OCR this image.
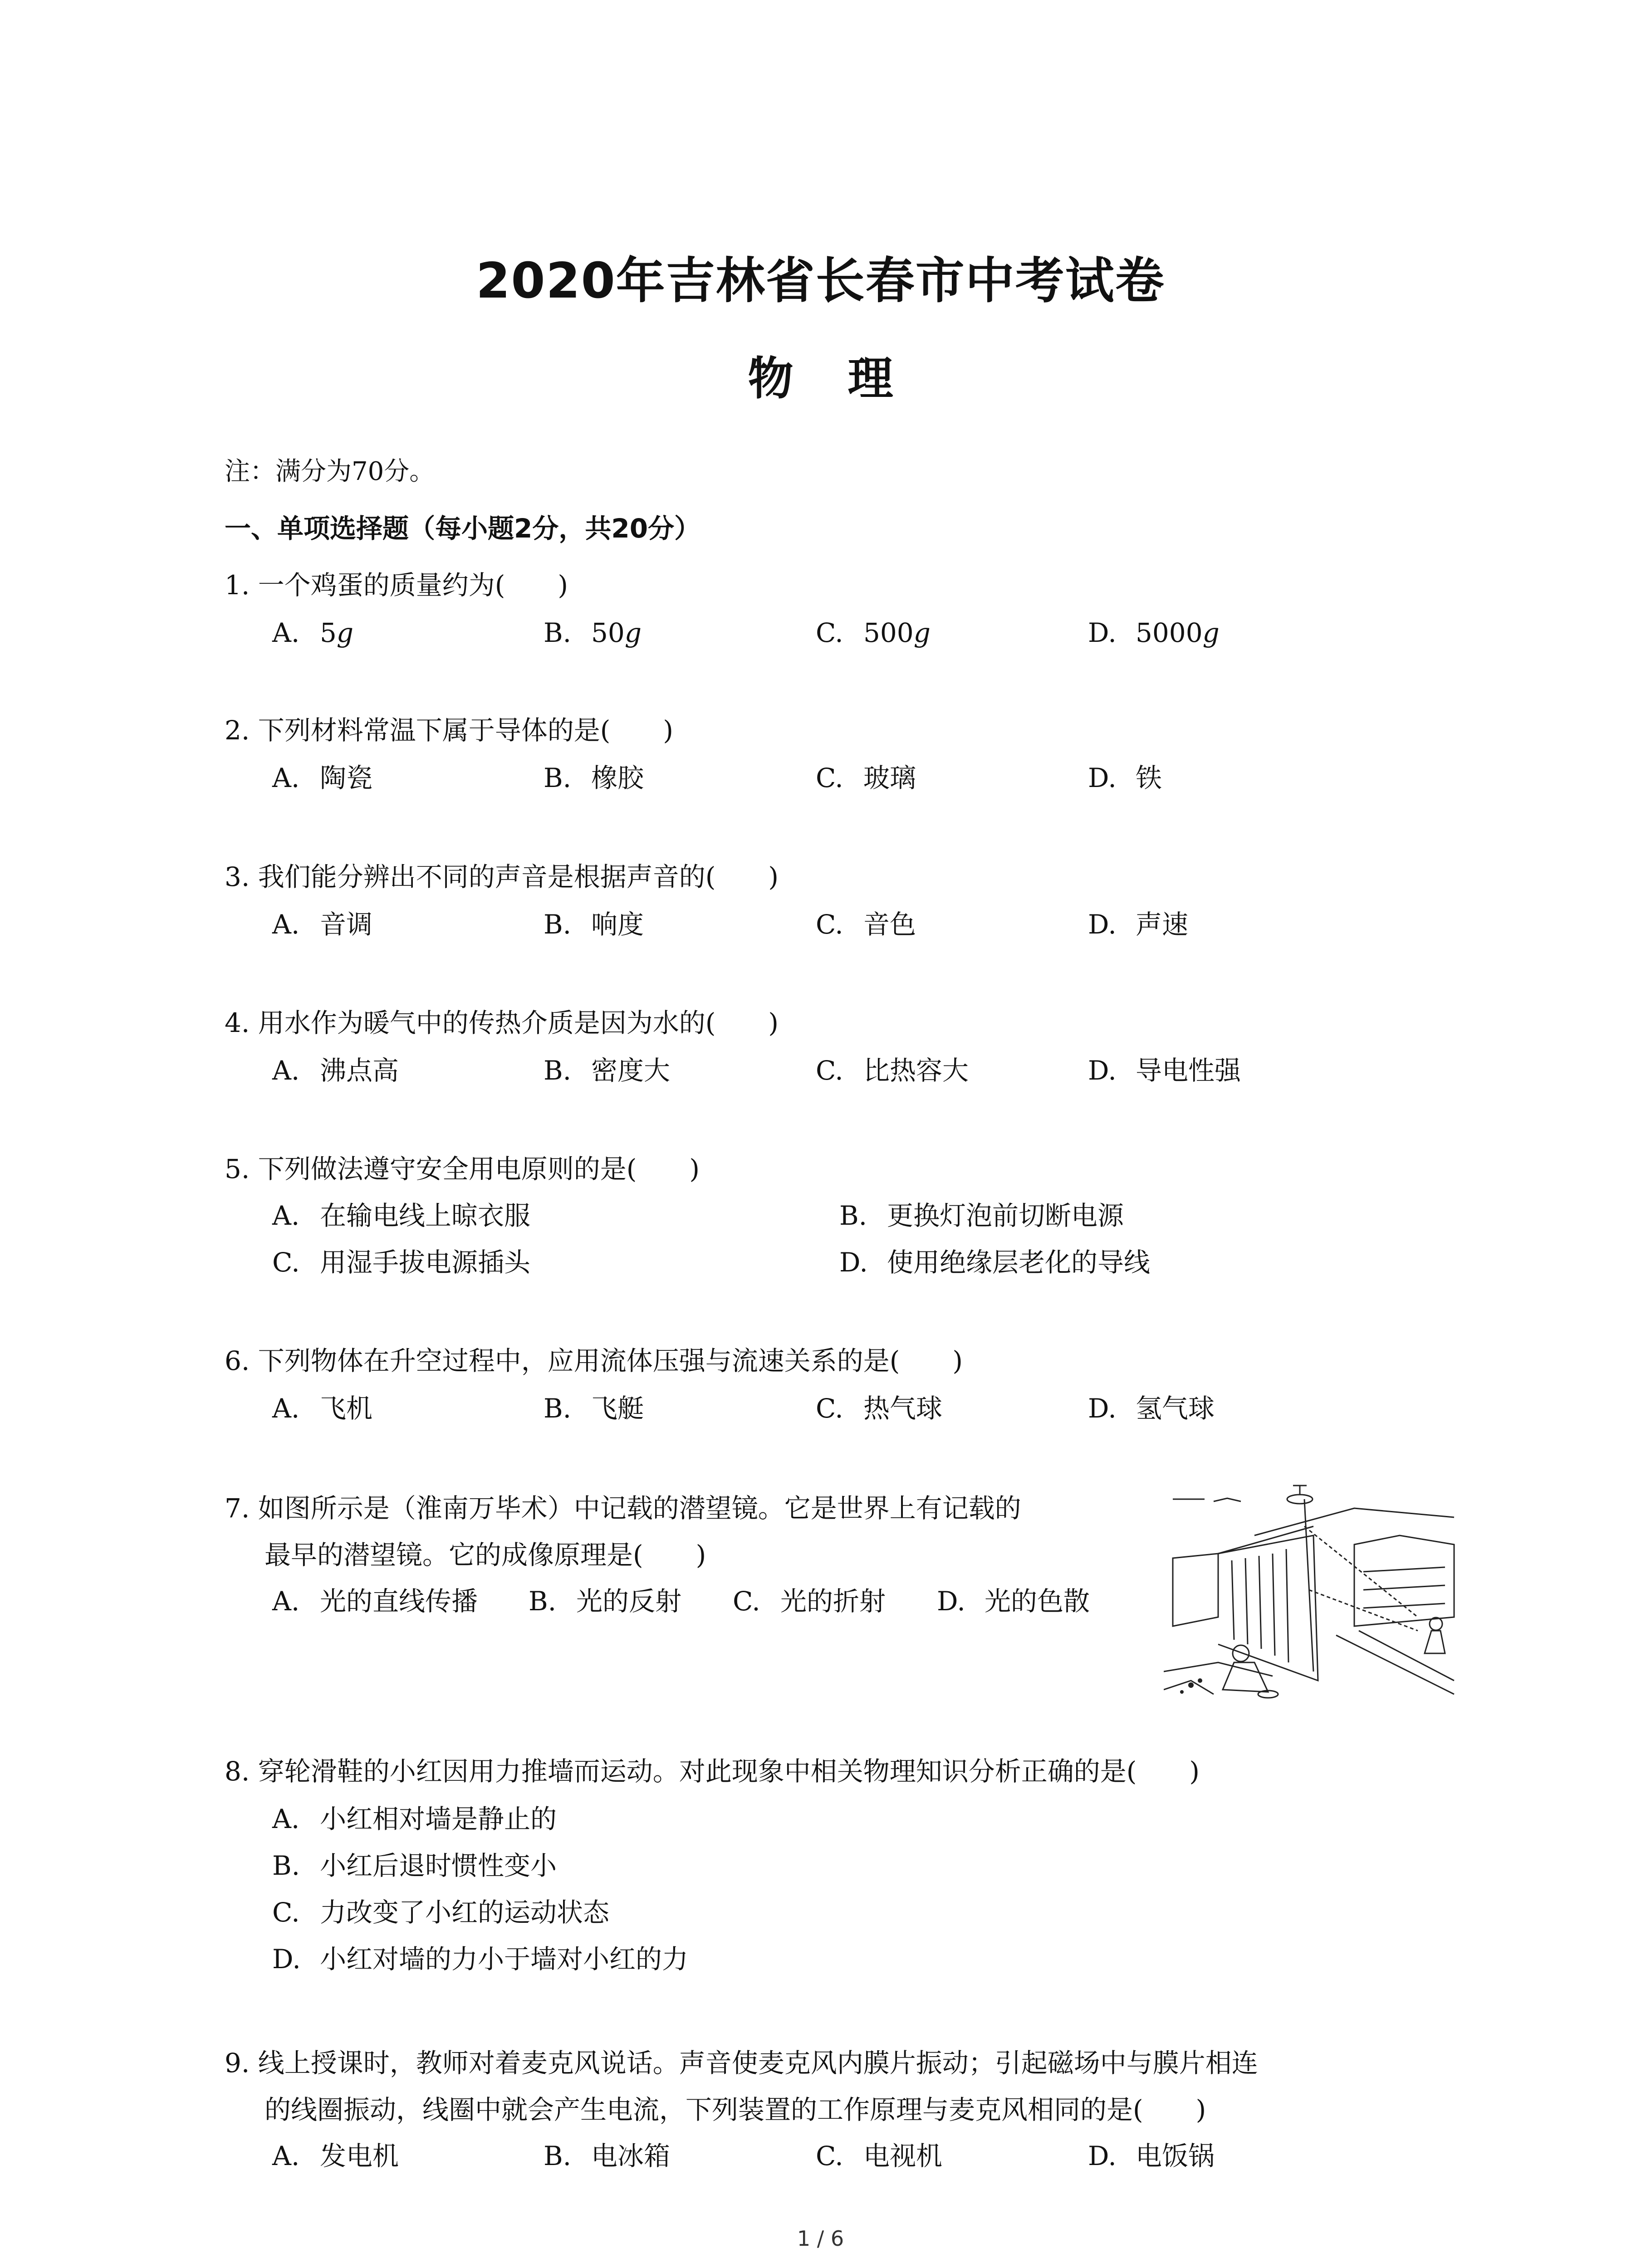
2020年吉林省长春市中考试卷
物理
注：满分为70分。
一、单项选择题（每小题2分，共20分）
1. 一个鸡蛋的质量约为(　　)
A. 5g	B. 50g	C. 500g	D. 5000g
2. 下列材料常温下属于导体的是(　　)
A. 陶瓷	B. 橡胶	C. 玻璃	D. 铁
3. 我们能分辨出不同的声音是根据声音的(　　)
A. 音调	B. 响度	C. 音色	D. 声速
4. 用水作为暖气中的传热介质是因为水的(　　)
A. 沸点高	B. 密度大	C. 比热容大	D. 导电性强
5. 下列做法遵守安全用电原则的是(　　)
A. 在输电线上晾衣服	B. 更换灯泡前切断电源
C. 用湿手拔电源插头	D. 使用绝缘层老化的导线
6. 下列物体在升空过程中，应用流体压强与流速关系的是(　　)
A. 飞机	B. 飞艇	C. 热气球	D. 氢气球
7. 如图所示是（淮南万毕术）中记载的潜望镜。它是世界上有记载的
最早的潜望镜。它的成像原理是(　　)
A. 光的直线传播 B. 光的反射 C. 光的折射 D. 光的色散
8. 穿轮滑鞋的小红因用力推墙而运动。对此现象中相关物理知识分析正确的是(　　)
A. 小红相对墙是静止的
B. 小红后退时惯性变小
C. 力改变了小红的运动状态
D. 小红对墙的力小于墙对小红的力
9. 线上授课时，教师对着麦克风说话。声音使麦克风内膜片振动；引起磁场中与膜片相连
的线圈振动，线圈中就会产生电流，下列装置的工作原理与麦克风相同的是(　　)
A. 发电机	B. 电冰箱	C. 电视机	D. 电饭锅
1 / 6
